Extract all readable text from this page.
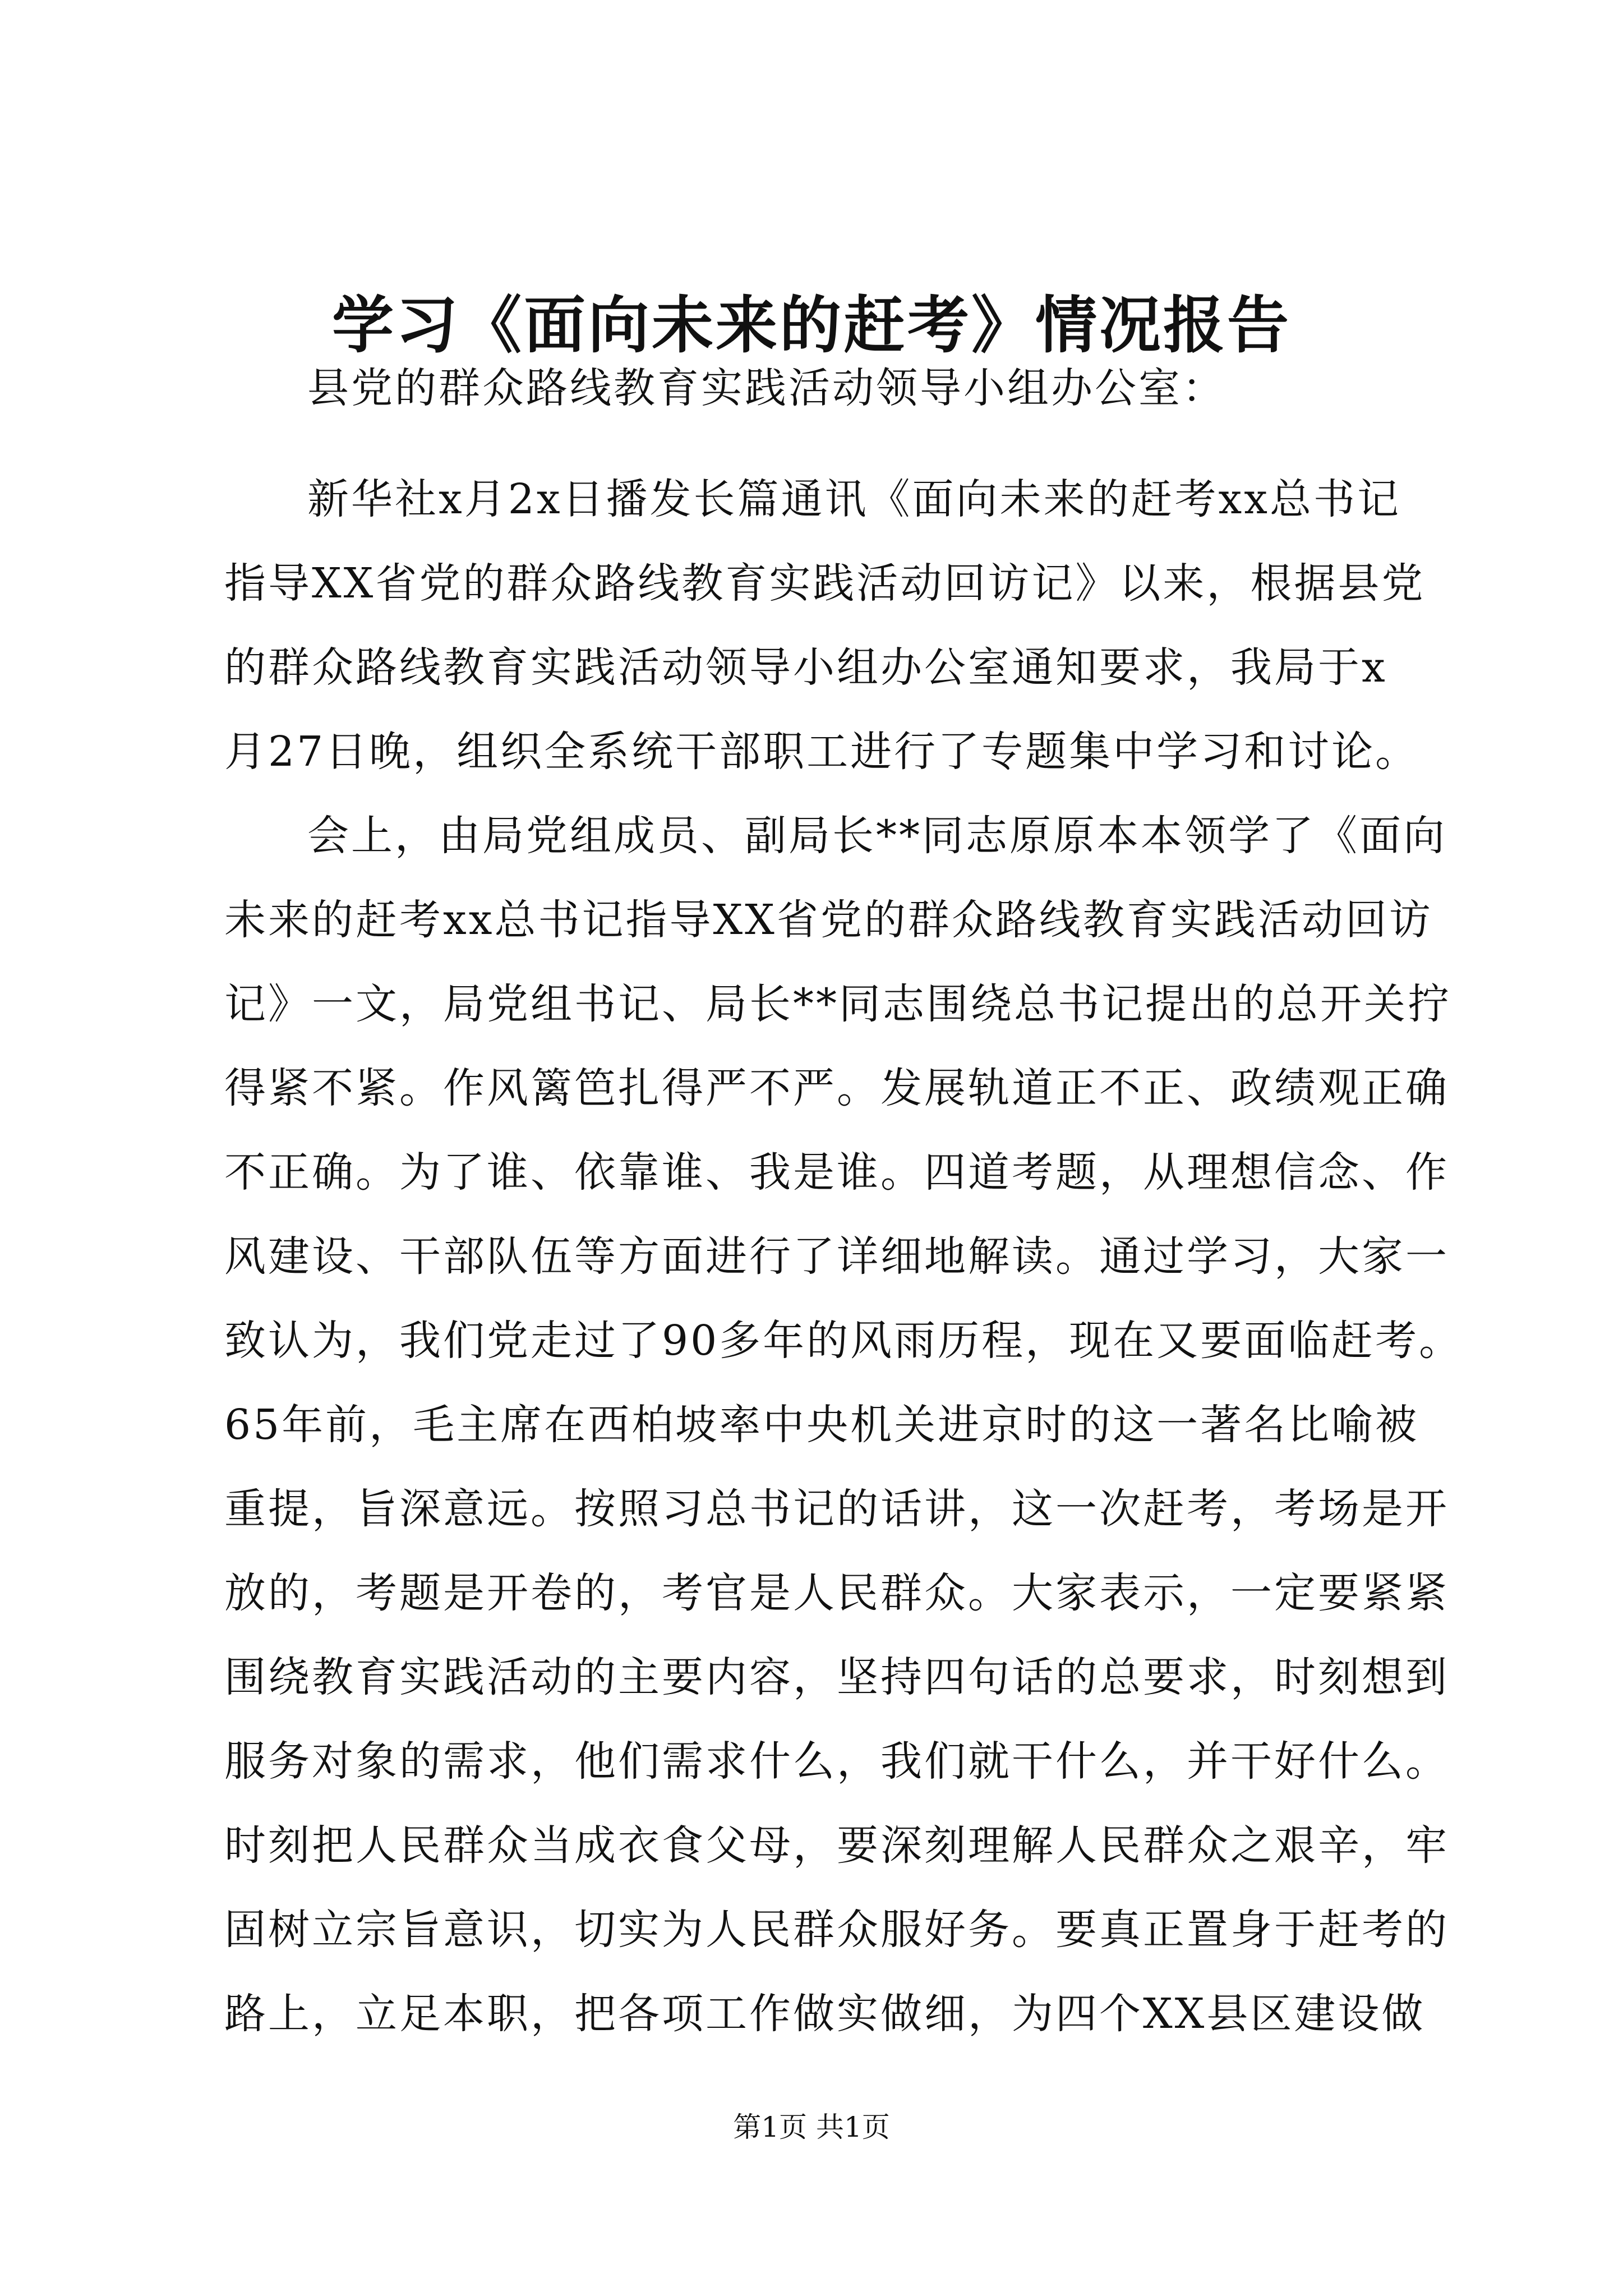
学习《面向未来的赶考》情况报告
县党的群众路线教育实践活动领导小组办公室：
新华社x月2x日播发长篇通讯《面向未来的赶考xx总书记
指导XX省党的群众路线教育实践活动回访记》以来，根据县党
的群众路线教育实践活动领导小组办公室通知要求，我局于x
月27日晚，组织全系统干部职工进行了专题集中学习和讨论。
会上，由局党组成员、副局长**同志原原本本领学了《面向
未来的赶考xx总书记指导XX省党的群众路线教育实践活动回访
记》一文，局党组书记、局长**同志围绕总书记提出的总开关拧
得紧不紧。作风篱笆扎得严不严。发展轨道正不正、政绩观正确
不正确。为了谁、依靠谁、我是谁。四道考题，从理想信念、作
风建设、干部队伍等方面进行了详细地解读。通过学习，大家一
致认为，我们党走过了90多年的风雨历程，现在又要面临赶考。
65年前，毛主席在西柏坡率中央机关进京时的这一著名比喻被
重提，旨深意远。按照习总书记的话讲，这一次赶考，考场是开
放的，考题是开卷的，考官是人民群众。大家表示，一定要紧紧
围绕教育实践活动的主要内容，坚持四句话的总要求，时刻想到
服务对象的需求，他们需求什么，我们就干什么，并干好什么。
时刻把人民群众当成衣食父母，要深刻理解人民群众之艰辛，牢
固树立宗旨意识，切实为人民群众服好务。要真正置身于赶考的
路上，立足本职，把各项工作做实做细，为四个XX县区建设做
第1页 共1页
